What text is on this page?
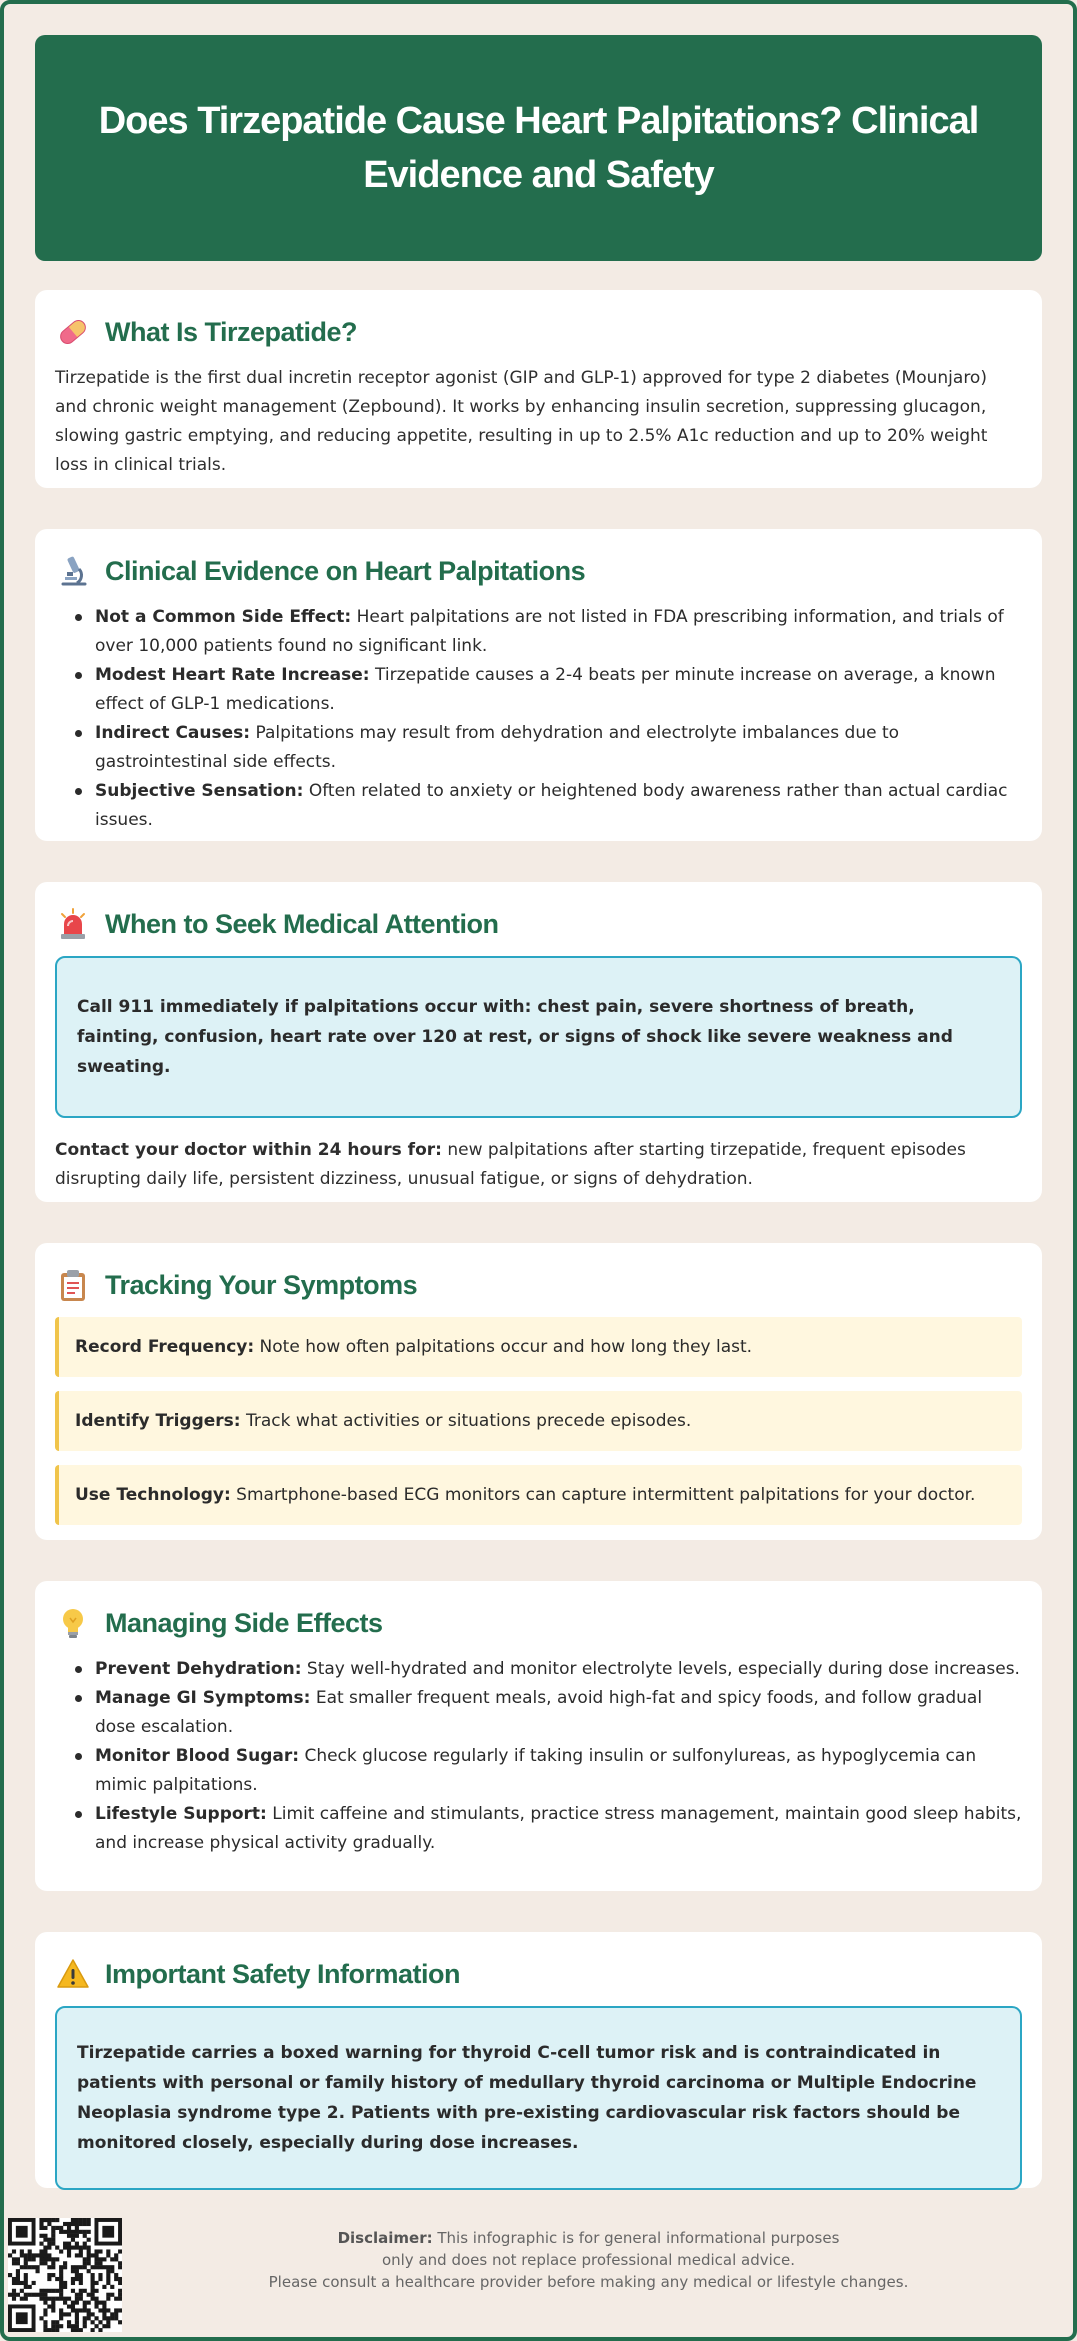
Does Tirzepatide Cause Heart Palpitations? Clinical Evidence and Safety
What Is Tirzepatide?

Tirzepatide is the first dual incretin receptor agonist (GIP and GLP-1) approved for type 2 diabetes (Mounjaro) and chronic weight management (Zepbound). It works by enhancing insulin secretion, suppressing glucagon, slowing gastric emptying, and reducing appetite, resulting in up to 2.5% A1c reduction and up to 20% weight loss in clinical trials.

Clinical Evidence on Heart Palpitations
Not a Common Side Effect: Heart palpitations are not listed in FDA prescribing information, and trials of over 10,000 patients found no significant link.
Modest Heart Rate Increase: Tirzepatide causes a 2-4 beats per minute increase on average, a known effect of GLP-1 medications.
Indirect Causes: Palpitations may result from dehydration and electrolyte imbalances due to gastrointestinal side effects.
Subjective Sensation: Often related to anxiety or heightened body awareness rather than actual cardiac issues.
When to Seek Medical Attention
Call 911 immediately if palpitations occur with: chest pain, severe shortness of breath, fainting, confusion, heart rate over 120 at rest, or signs of shock like severe weakness and sweating.

Contact your doctor within 24 hours for: new palpitations after starting tirzepatide, frequent episodes disrupting daily life, persistent dizziness, unusual fatigue, or signs of dehydration.

Tracking Your Symptoms
Record Frequency: Note how often palpitations occur and how long they last.
Identify Triggers: Track what activities or situations precede episodes.
Use Technology: Smartphone-based ECG monitors can capture intermittent palpitations for your doctor.
Managing Side Effects
Prevent Dehydration: Stay well-hydrated and monitor electrolyte levels, especially during dose increases.
Manage GI Symptoms: Eat smaller frequent meals, avoid high-fat and spicy foods, and follow gradual dose escalation.
Monitor Blood Sugar: Check glucose regularly if taking insulin or sulfonylureas, as hypoglycemia can mimic palpitations.
Lifestyle Support: Limit caffeine and stimulants, practice stress management, maintain good sleep habits, and increase physical activity gradually.
Important Safety Information
Tirzepatide carries a boxed warning for thyroid C-cell tumor risk and is contraindicated in patients with personal or family history of medullary thyroid carcinoma or Multiple Endocrine Neoplasia syndrome type 2. Patients with pre-existing cardiovascular risk factors should be monitored closely, especially during dose increases.
Disclaimer: This infographic is for general informational purposes
only and does not replace professional medical advice.
Please consult a healthcare provider before making any medical or lifestyle changes.
